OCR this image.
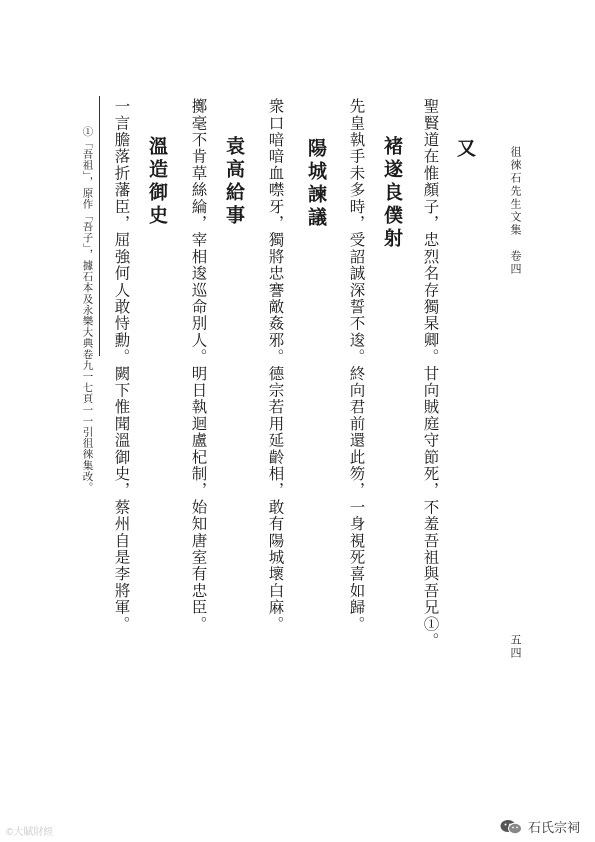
徂徠石先生文集　卷四
又
聖賢道在惟顏子，忠烈名存獨杲卿。甘向賊庭守節死，不羞吾祖與吾兄①。
褚遂良僕射
先皇執手未多時，受詔誠深誓不逡。終向君前還此笏，一身視死喜如歸。
陽城諫議
衆口喑喑血噤牙，獨將忠謇敵姦邪。德宗若用延齡相，敢有陽城壞白麻。
袁高給事
擲毫不肯草絲綸，宰相逡巡命別人。明日執迴盧杞制，始知唐室有忠臣。
溫造御史
一言膽落折藩臣，屈強何人敢恃勳。闕下惟聞溫御史，蔡州自是李將軍。
①「吾祖」，原作「吾子」，據石本及永樂大典卷九一七頁一一引徂徠集改。
五四
©大賦財經	石氏宗祠
